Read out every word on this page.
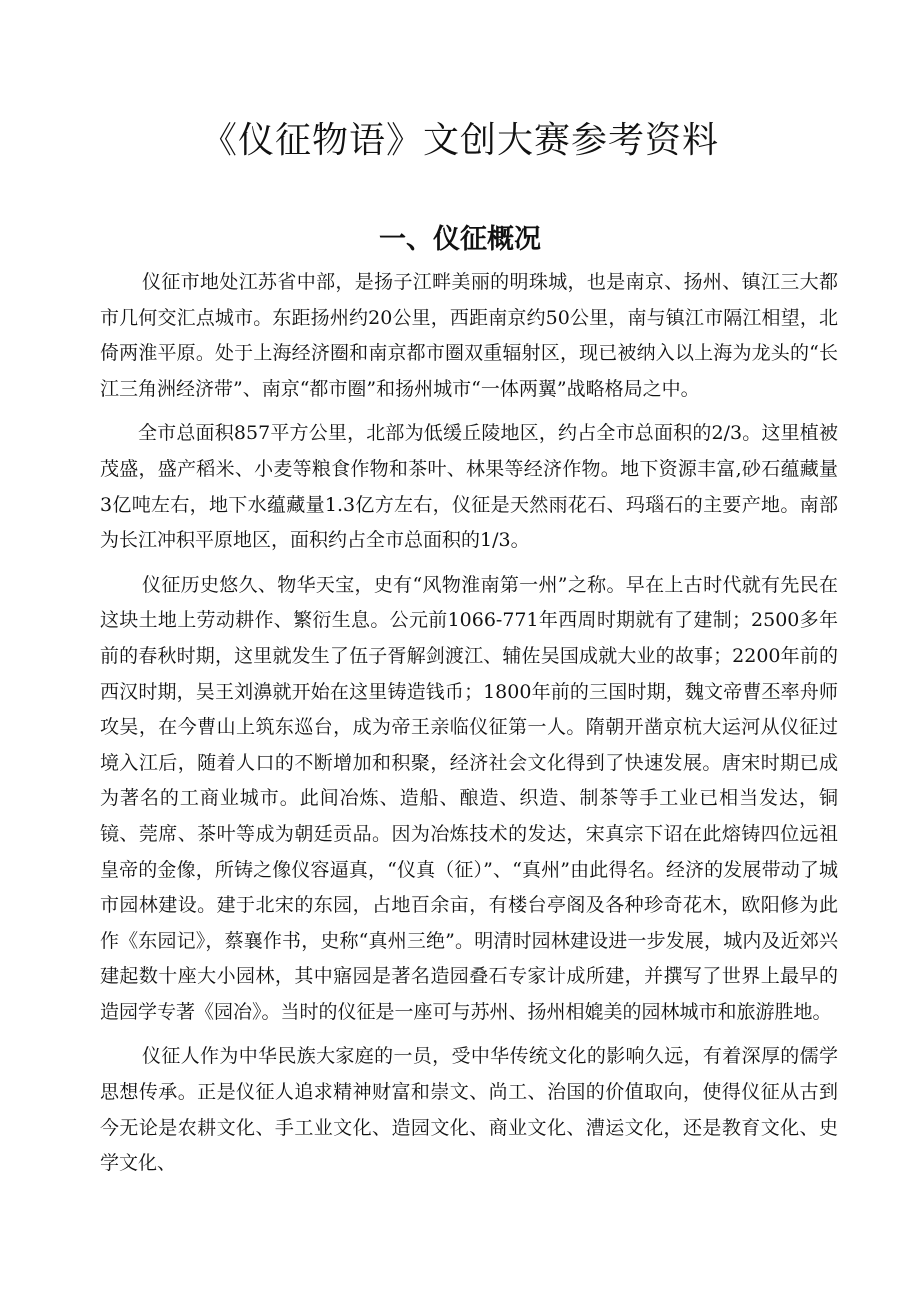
《仪征物语》文创大赛参考资料
一、仪征概况

仪征市地处江苏省中部，是扬子江畔美丽的明珠城，也是南京、扬州、镇江三大都市几何交汇点城市。东距扬州约20公里，西距南京约50公里，南与镇江市隔江相望，北倚两淮平原。处于上海经济圈和南京都市圈双重辐射区，现已被纳入以上海为龙头的“长江三角洲经济带”、南京“都市圈”和扬州城市“一体两翼”战略格局之中。

全市总面积857平方公里，北部为低缓丘陵地区，约占全市总面积的2/3。这里植被茂盛，盛产稻米、小麦等粮食作物和茶叶、林果等经济作物。地下资源丰富,砂石蕴藏量3亿吨左右，地下水蕴藏量1.3亿方左右，仪征是天然雨花石、玛瑙石的主要产地。南部为长江冲积平原地区，面积约占全市总面积的1/3。

仪征历史悠久、物华天宝，史有“风物淮南第一州”之称。早在上古时代就有先民在这块土地上劳动耕作、繁衍生息。公元前1066-771年西周时期就有了建制；2500多年前的春秋时期，这里就发生了伍子胥解剑渡江、辅佐吴国成就大业的故事；2200年前的西汉时期，吴王刘濞就开始在这里铸造钱币；1800年前的三国时期，魏文帝曹丕率舟师攻吴，在今曹山上筑东巡台，成为帝王亲临仪征第一人。隋朝开凿京杭大运河从仪征过境入江后，随着人口的不断增加和积聚，经济社会文化得到了快速发展。唐宋时期已成为著名的工商业城市。此间冶炼、造船、酿造、织造、制茶等手工业已相当发达，铜镜、莞席、茶叶等成为朝廷贡品。因为冶炼技术的发达，宋真宗下诏在此熔铸四位远祖皇帝的金像，所铸之像仪容逼真，“仪真（征）”、“真州”由此得名。经济的发展带动了城市园林建设。建于北宋的东园，占地百余亩，有楼台亭阁及各种珍奇花木，欧阳修为此作《东园记》，蔡襄作书，史称“真州三绝”。明清时园林建设进一步发展，城内及近郊兴建起数十座大小园林，其中寤园是著名造园叠石专家计成所建，并撰写了世界上最早的造园学专著《园冶》。当时的仪征是一座可与苏州、扬州相媲美的园林城市和旅游胜地。

仪征人作为中华民族大家庭的一员，受中华传统文化的影响久远，有着深厚的儒学思想传承。正是仪征人追求精神财富和崇文、尚工、治国的价值取向，使得仪征从古到今无论是农耕文化、手工业文化、造园文化、商业文化、漕运文化，还是教育文化、史学文化、
